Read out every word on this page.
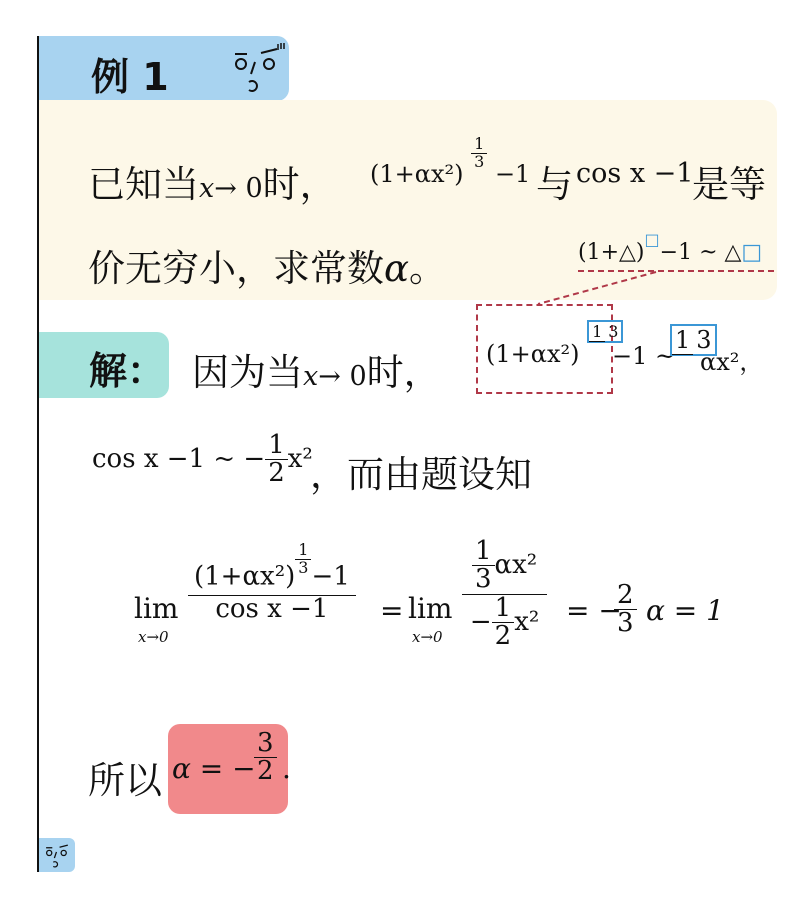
例 1
已知当x→ 0时， (1+αx²)
$\frac{1}{3}$
−1 与 cos x −1
是等
价无穷小，求常数α。	(1+△)□−1 ~ △□
解： 因为当x→ 0时， (1+αx²) 1 3
−1 ~
1 3
αx²，
cos x −1 ~ − $\frac{1}{2} x^2$
，而由题设知
lim
x→0
$\frac{(1+\alpha x^2) \frac{1}{3} -1}{\text{cos x −1}} = \lim$
$x\to 0 \frac{\frac{1}{3} \alpha x^2}{- \frac{1}{2} x^2}$ = −
$\frac{2}{3}$ α = 1
所以 α = −
$\frac{3}{2}$ .
